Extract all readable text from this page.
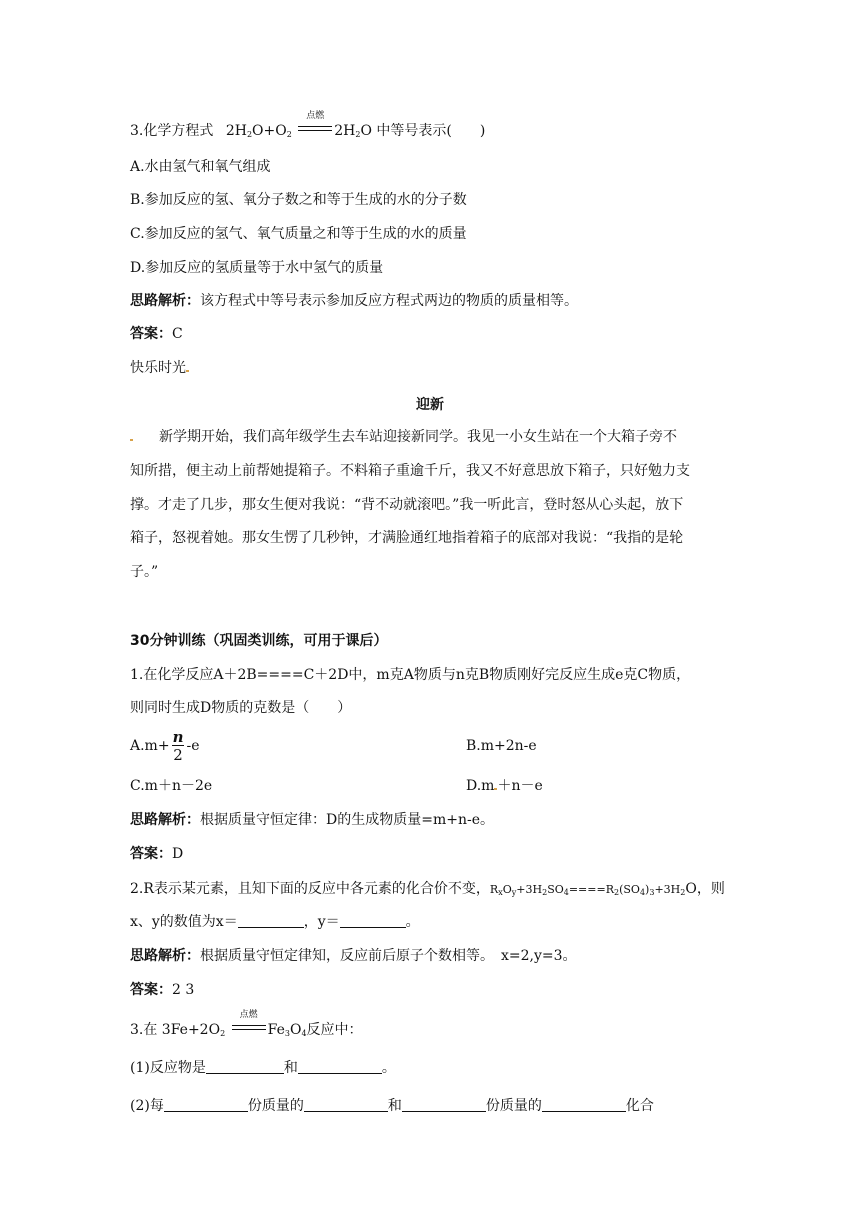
3.化学方程式 $2H_2O+O_2$
点燃
$2H_2O$ 中等号表示(　　)
A.水由氢气和氧气组成
B.参加反应的氢、氧分子数之和等于生成的水的分子数
C.参加反应的氢气、氧气质量之和等于生成的水的质量
D.参加反应的氢质量等于水中氢气的质量
思路解析：该方程式中等号表示参加反应方程式两边的物质的质量相等。
答案：C
快乐时光
迎新
新学期开始，我们高年级学生去车站迎接新同学。我见一小女生站在一个大箱子旁不
知所措，便主动上前帮她提箱子。不料箱子重逾千斤，我又不好意思放下箱子，只好勉力支
撑。才走了几步，那女生便对我说：“背不动就滚吧。”我一听此言，登时怒从心头起，放下
箱子，怒视着她。那女生愣了几秒钟，才满脸通红地指着箱子的底部对我说：“我指的是轮
子。”
30分钟训练（巩固类训练，可用于课后）
1.在化学反应A＋2B====C＋2D中，m克A物质与n克B物质刚好完反应生成e克C物质，
则同时生成D物质的克数是（　　）
$A.m+ \frac{n}{2} -e$	B.m+2n-e
C.m＋n－2e	D.m ＋n－e
思路解析：根据质量守恒定律：D的生成物质量=m+n-e。
答案：D
2.R表示某元素，且知下面的反应中各元素的化合价不变，$R_xO_y+3H_2SO_4====R_2(SO_4)_3+3H_2O$，则
x、y的数值为x＝	，y＝	。
思路解析：根据质量守恒定律知，反应前后原子个数相等。　x=2,y=3。
答案：2 3
3.在 $3Fe+2O_2$
点燃
$Fe_3O_4$反应中：
(1)反应物是	和	。
(2)每	份质量的	和	份质量的	化合
